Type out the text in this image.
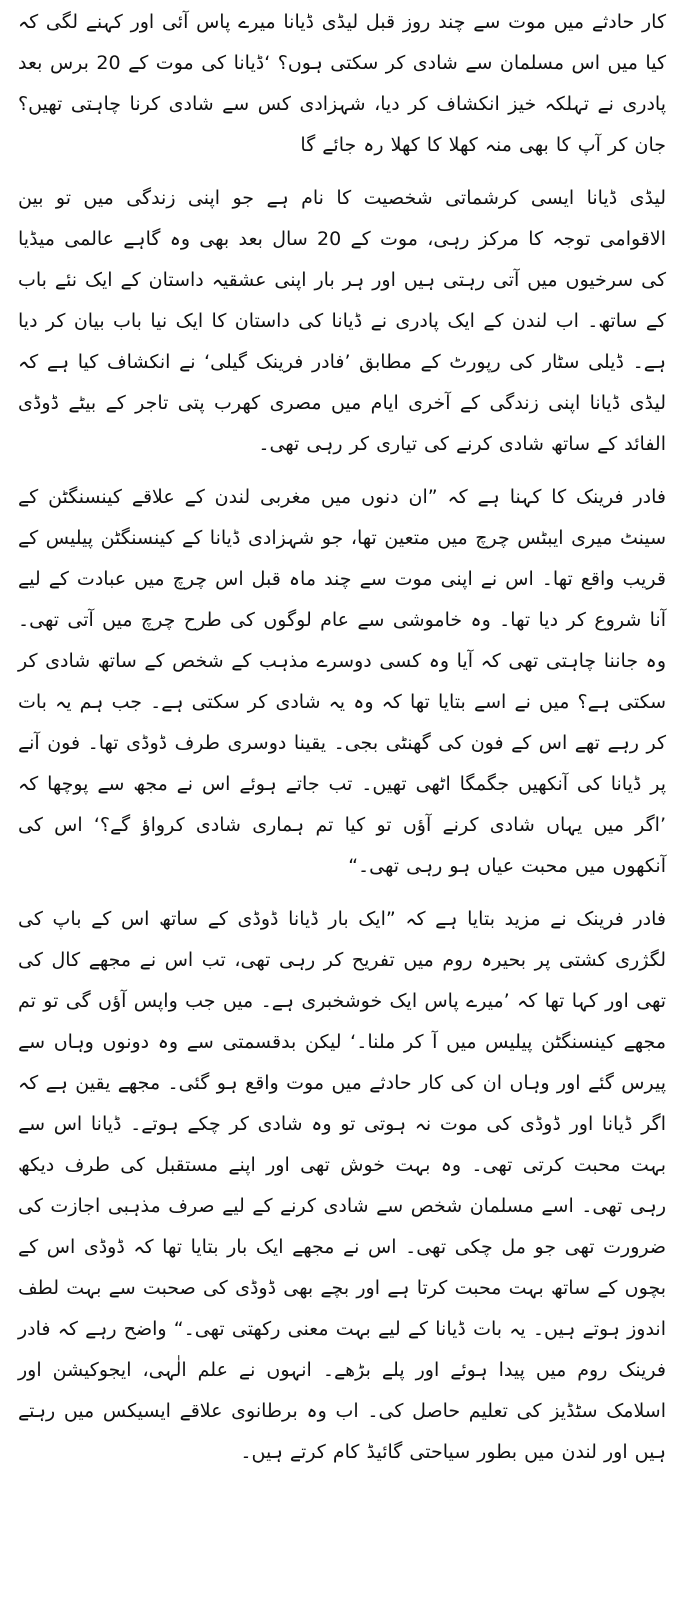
کار حادثے میں موت سے چند روز قبل لیڈی ڈیانا میرے پاس آئی اور کہنے لگی کہ کیا میں اس مسلمان سے شادی کر سکتی ہوں؟ ‘ڈیانا کی موت کے 20 برس بعد پادری نے تہلکہ خیز انکشاف کر دیا، شہزادی کس سے شادی کرنا چاہتی تھیں؟ جان کر آپ کا بھی منہ کھلا کا کھلا رہ جائے گا

لیڈی ڈیانا ایسی کرشماتی شخصیت کا نام ہے جو اپنی زندگی میں تو بین الاقوامی توجہ کا مرکز رہی، موت کے 20 سال بعد بھی وہ گاہے عالمی میڈیا کی سرخیوں میں آتی رہتی ہیں اور ہر بار اپنی عشقیہ داستان کے ایک نئے باب کے ساتھ۔ اب لندن کے ایک پادری نے ڈیانا کی داستان کا ایک نیا باب بیان کر دیا ہے۔ ڈیلی سٹار کی رپورٹ کے مطابق ’فادر فرینک گیلی‘ نے انکشاف کیا ہے کہ لیڈی ڈیانا اپنی زندگی کے آخری ایام میں مصری کھرب پتی تاجر کے بیٹے ڈوڈی الفائد کے ساتھ شادی کرنے کی تیاری کر رہی تھی۔

فادر فرینک کا کہنا ہے کہ ”ان دنوں میں مغربی لندن کے علاقے کینسنگٹن کے سینٹ میری ایبٹس چرچ میں متعین تھا، جو شہزادی ڈیانا کے کینسنگٹن پیلیس کے قریب واقع تھا۔ اس نے اپنی موت سے چند ماہ قبل اس چرچ میں عبادت کے لیے آنا شروع کر دیا تھا۔ وہ خاموشی سے عام لوگوں کی طرح چرچ میں آتی تھی۔ وہ جاننا چاہتی تھی کہ آیا وہ کسی دوسرے مذہب کے شخص کے ساتھ شادی کر سکتی ہے؟ میں نے اسے بتایا تھا کہ وہ یہ شادی کر سکتی ہے۔ جب ہم یہ بات کر رہے تھے اس کے فون کی گھنٹی بجی۔ یقینا دوسری طرف ڈوڈی تھا۔ فون آنے پر ڈیانا کی آنکھیں جگمگا اٹھی تھیں۔ تب جاتے ہوئے اس نے مجھ سے پوچھا کہ ’اگر میں یہاں شادی کرنے آؤں تو کیا تم ہماری شادی کرواؤ گے؟‘ اس کی آنکھوں میں محبت عیاں ہو رہی تھی۔“

فادر فرینک نے مزید بتایا ہے کہ ”ایک بار ڈیانا ڈوڈی کے ساتھ اس کے باپ کی لگژری کشتی پر بحیرہ روم میں تفریح کر رہی تھی، تب اس نے مجھے کال کی تھی اور کہا تھا کہ ’میرے پاس ایک خوشخبری ہے۔ میں جب واپس آؤں گی تو تم مجھے کینسنگٹن پیلیس میں آ کر ملنا۔‘ لیکن بدقسمتی سے وہ دونوں وہاں سے پیرس گئے اور وہاں ان کی کار حادثے میں موت واقع ہو گئی۔ مجھے یقین ہے کہ اگر ڈیانا اور ڈوڈی کی موت نہ ہوتی تو وہ شادی کر چکے ہوتے۔ ڈیانا اس سے بہت محبت کرتی تھی۔ وہ بہت خوش تھی اور اپنے مستقبل کی طرف دیکھ رہی تھی۔ اسے مسلمان شخص سے شادی کرنے کے لیے صرف مذہبی اجازت کی ضرورت تھی جو مل چکی تھی۔ اس نے مجھے ایک بار بتایا تھا کہ ڈوڈی اس کے بچوں کے ساتھ بہت محبت کرتا ہے اور بچے بھی ڈوڈی کی صحبت سے بہت لطف اندوز ہوتے ہیں۔ یہ بات ڈیانا کے لیے بہت معنی رکھتی تھی۔“ واضح رہے کہ فادر فرینک روم میں پیدا ہوئے اور پلے بڑھے۔ انہوں نے علم الٰہی، ایجوکیشن اور اسلامک سٹڈیز کی تعلیم حاصل کی۔ اب وہ برطانوی علاقے ایسیکس میں رہتے ہیں اور لندن میں بطور سیاحتی گائیڈ کام کرتے ہیں۔
